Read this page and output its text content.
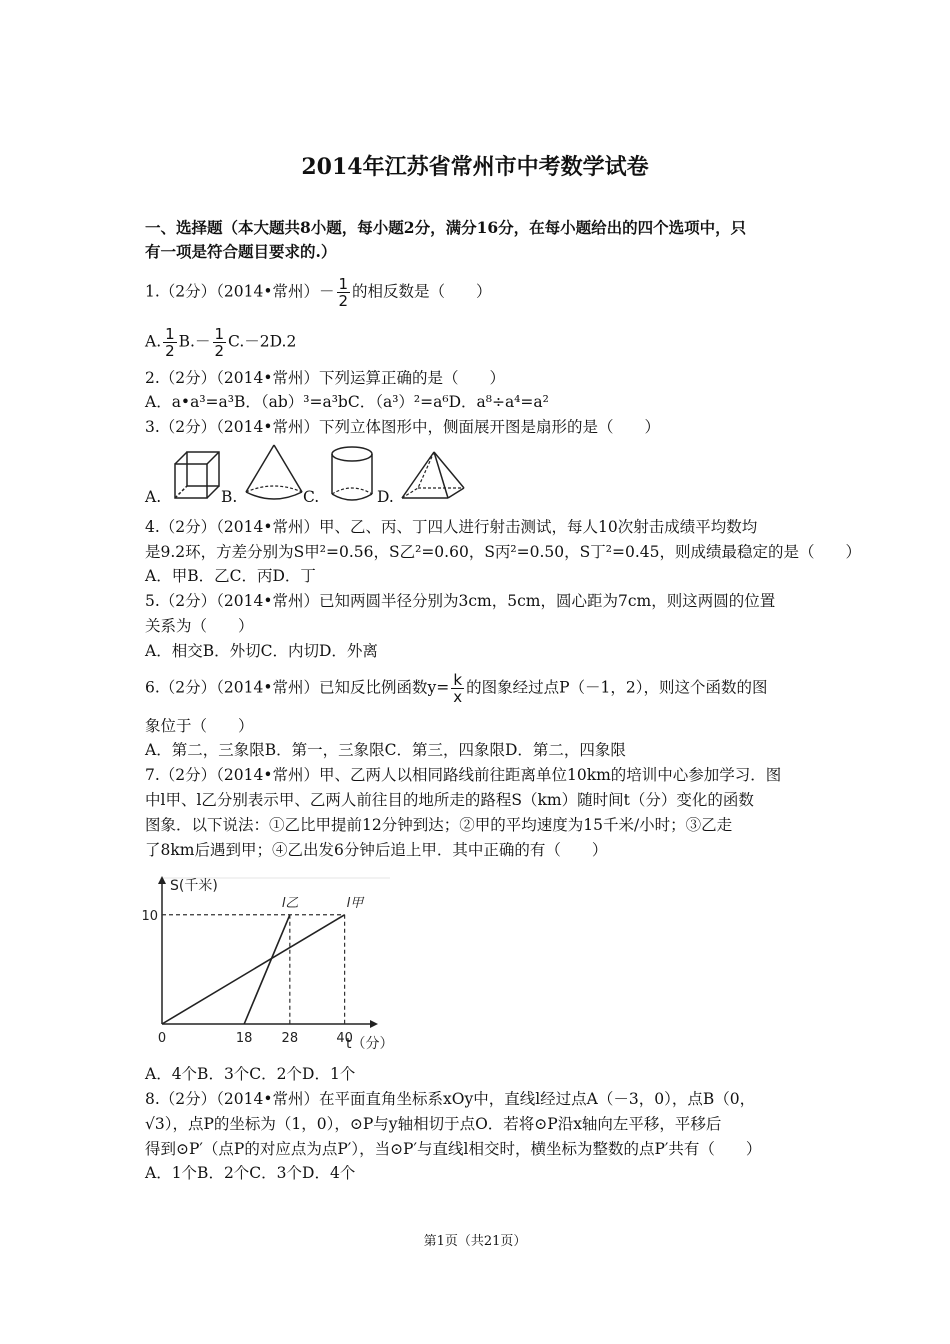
2014年江苏省常州市中考数学试卷
一、选择题（本大题共8小题，每小题2分，满分16分，在每小题给出的四个选项中，只
有一项是符合题目要求的.）
1.（2分）（2014•常州）－ $\frac{1}{2}$ 的相反数是（　　）
A. $\frac{1}{2} B.- \frac{1}{2} C.-2D.2$
2.（2分）（2014•常州）下列运算正确的是（　　）
A．a•a³=a³B．（ab）³=a³bC．（a³）²=a⁶D．a⁸÷a⁴=a²
3.（2分）（2014•常州）下列立体图形中，侧面展开图是扇形的是（　　）
A.	B.	C.	D.
4.（2分）（2014•常州）甲、乙、丙、丁四人进行射击测试，每人10次射击成绩平均数均
是9.2环，方差分别为S甲²=0.56，S乙²=0.60，S丙²=0.50，S丁²=0.45，则成绩最稳定的是（　　）
A．甲B．乙C．丙D．丁
5.（2分）（2014•常州）已知两圆半径分别为3cm，5cm，圆心距为7cm，则这两圆的位置
关系为（　　）
A．相交B．外切C．内切D．外离
6.（2分）（2014•常州）已知反比例函数$y= \frac{k}{x}$ 的图象经过点P（－1，2），则这个函数的图
象位于（　　）
A．第二，三象限B．第一，三象限C．第三，四象限D．第二，四象限
7.（2分）（2014•常州）甲、乙两人以相同路线前往距离单位10km的培训中心参加学习．图
中l甲、l乙分别表示甲、乙两人前往目的地所走的路程S（km）随时间t（分）变化的函数
图象．以下说法：①乙比甲提前12分钟到达；②甲的平均速度为15千米/小时；③乙走
了8km后遇到甲；④乙出发6分钟后追上甲．其中正确的有（　　）
S(千米)
t（分）
l甲
l乙
0	18 28	40
10
A．4个B．3个C．2个D．1个
8.（2分）（2014•常州）在平面直角坐标系xOy中，直线l经过点A（－3，0），点B（0，
√3），点P的坐标为（1，0），⊙P与y轴相切于点O．若将⊙P沿x轴向左平移，平移后
得到⊙P′（点P的对应点为点P′），当⊙P′与直线l相交时，横坐标为整数的点P′共有（　　）
A．1个B．2个C．3个D．4个
第1页（共21页）
